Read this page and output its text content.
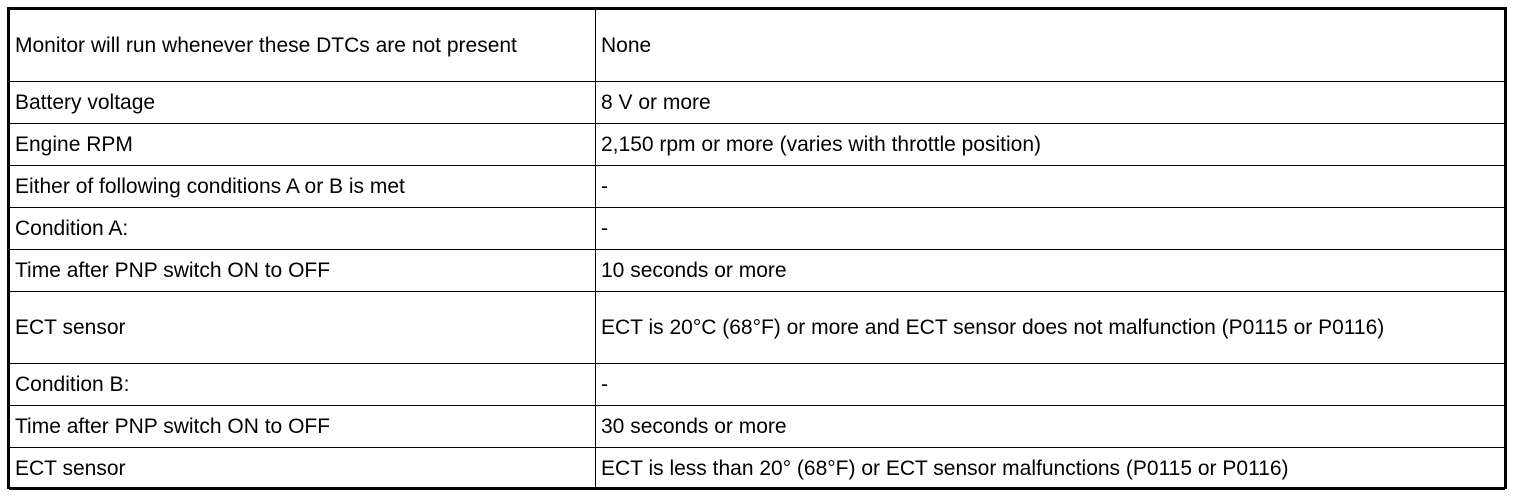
Monitor will run whenever these DTCs are not present	None
Battery voltage	8 V or more
Engine RPM	2,150 rpm or more (varies with throttle position)
Either of following conditions A or B is met	-
Condition A:	-
Time after PNP switch ON to OFF	10 seconds or more
ECT sensor	ECT is 20°C (68°F) or more and ECT sensor does not malfunction (P0115 or P0116)
Condition B:	-
Time after PNP switch ON to OFF	30 seconds or more
ECT sensor	ECT is less than 20° (68°F) or ECT sensor malfunctions (P0115 or P0116)
